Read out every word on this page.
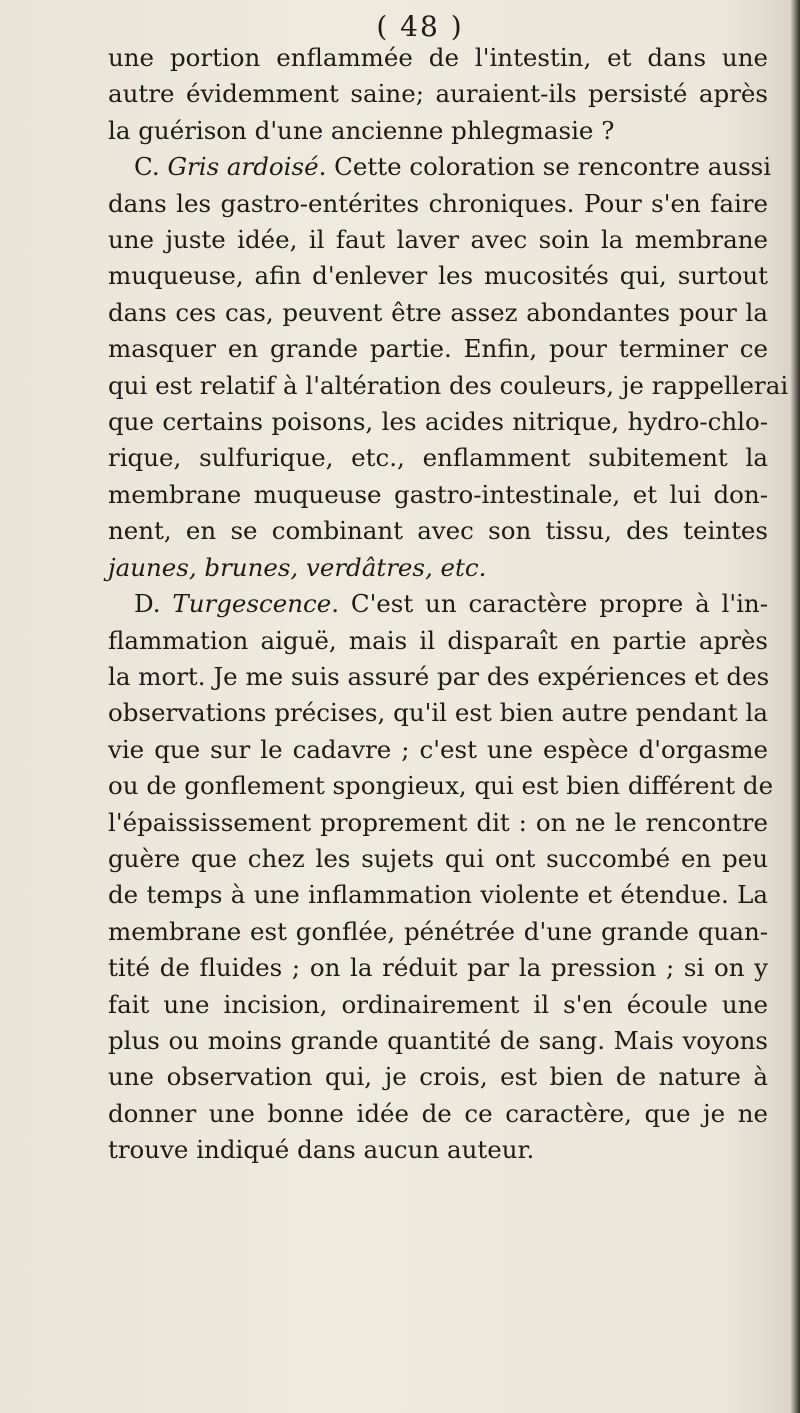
( 48 )
une portion enflammée de l'intestin, et dans une
autre évidemment saine; auraient-ils persisté après
la guérison d'une ancienne phlegmasie ?
C. Gris ardoisé. Cette coloration se rencontre aussi
dans les gastro-entérites chroniques. Pour s'en faire
une juste idée, il faut laver avec soin la membrane
muqueuse, afin d'enlever les mucosités qui, surtout
dans ces cas, peuvent être assez abondantes pour la
masquer en grande partie. Enfin, pour terminer ce
qui est relatif à l'altération des couleurs, je rappellerai
que certains poisons, les acides nitrique, hydro-chlo-
rique, sulfurique, etc., enflamment subitement la
membrane muqueuse gastro-intestinale, et lui don-
nent, en se combinant avec son tissu, des teintes
jaunes, brunes, verdâtres, etc.
D. Turgescence. C'est un caractère propre à l'in-
flammation aiguë, mais il disparaît en partie après
la mort. Je me suis assuré par des expériences et des
observations précises, qu'il est bien autre pendant la
vie que sur le cadavre ; c'est une espèce d'orgasme
ou de gonflement spongieux, qui est bien différent de
l'épaississement proprement dit : on ne le rencontre
guère que chez les sujets qui ont succombé en peu
de temps à une inflammation violente et étendue. La
membrane est gonflée, pénétrée d'une grande quan-
tité de fluides ; on la réduit par la pression ; si on y
fait une incision, ordinairement il s'en écoule une
plus ou moins grande quantité de sang. Mais voyons
une observation qui, je crois, est bien de nature à
donner une bonne idée de ce caractère, que je ne
trouve indiqué dans aucun auteur.
